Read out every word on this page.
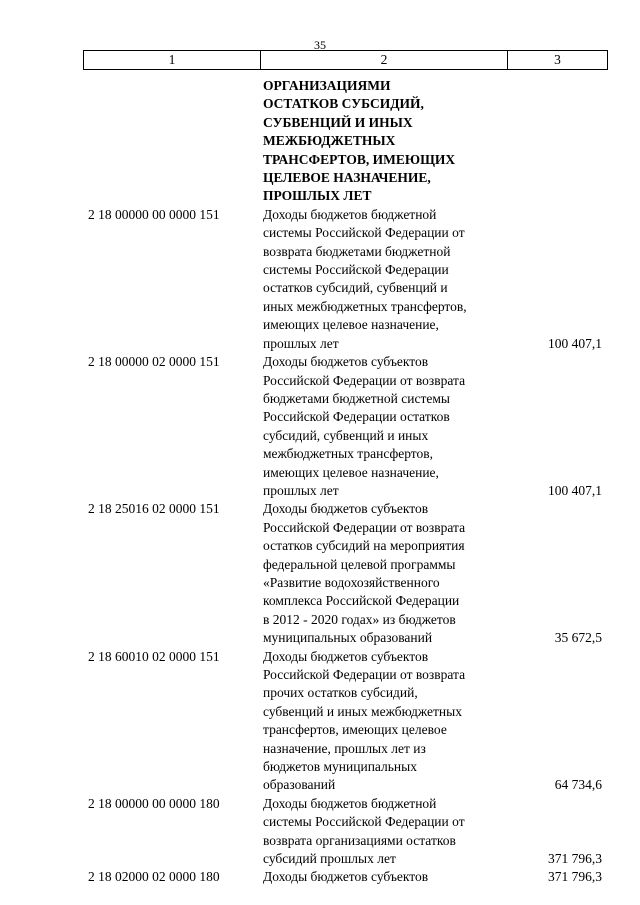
35
1	2	3
ОРГАНИЗАЦИЯМИ
ОСТАТКОВ СУБСИДИЙ,
СУБВЕНЦИЙ И ИНЫХ
МЕЖБЮДЖЕТНЫХ
ТРАНСФЕРТОВ, ИМЕЮЩИХ
ЦЕЛЕВОЕ НАЗНАЧЕНИЕ,
ПРОШЛЫХ ЛЕТ
2 18 00000 00 0000 151	Доходы бюджетов бюджетной
системы Российской Федерации от
возврата бюджетами бюджетной
системы Российской Федерации
остатков субсидий, субвенций и
иных межбюджетных трансфертов,
имеющих целевое назначение,
прошлых лет	100 407,1
2 18 00000 02 0000 151	Доходы бюджетов субъектов
Российской Федерации от возврата
бюджетами бюджетной системы
Российской Федерации остатков
субсидий, субвенций и иных
межбюджетных трансфертов,
имеющих целевое назначение,
прошлых лет	100 407,1
2 18 25016 02 0000 151	Доходы бюджетов субъектов
Российской Федерации от возврата
остатков субсидий на мероприятия
федеральной целевой программы
«Развитие водохозяйственного
комплекса Российской Федерации
в 2012 - 2020 годах» из бюджетов
муниципальных образований	35 672,5
2 18 60010 02 0000 151	Доходы бюджетов субъектов
Российской Федерации от возврата
прочих остатков субсидий,
субвенций и иных межбюджетных
трансфертов, имеющих целевое
назначение, прошлых лет из
бюджетов муниципальных
образований	64 734,6
2 18 00000 00 0000 180	Доходы бюджетов бюджетной
системы Российской Федерации от
возврата организациями остатков
субсидий прошлых лет	371 796,3
2 18 02000 02 0000 180	Доходы бюджетов субъектов	371 796,3
